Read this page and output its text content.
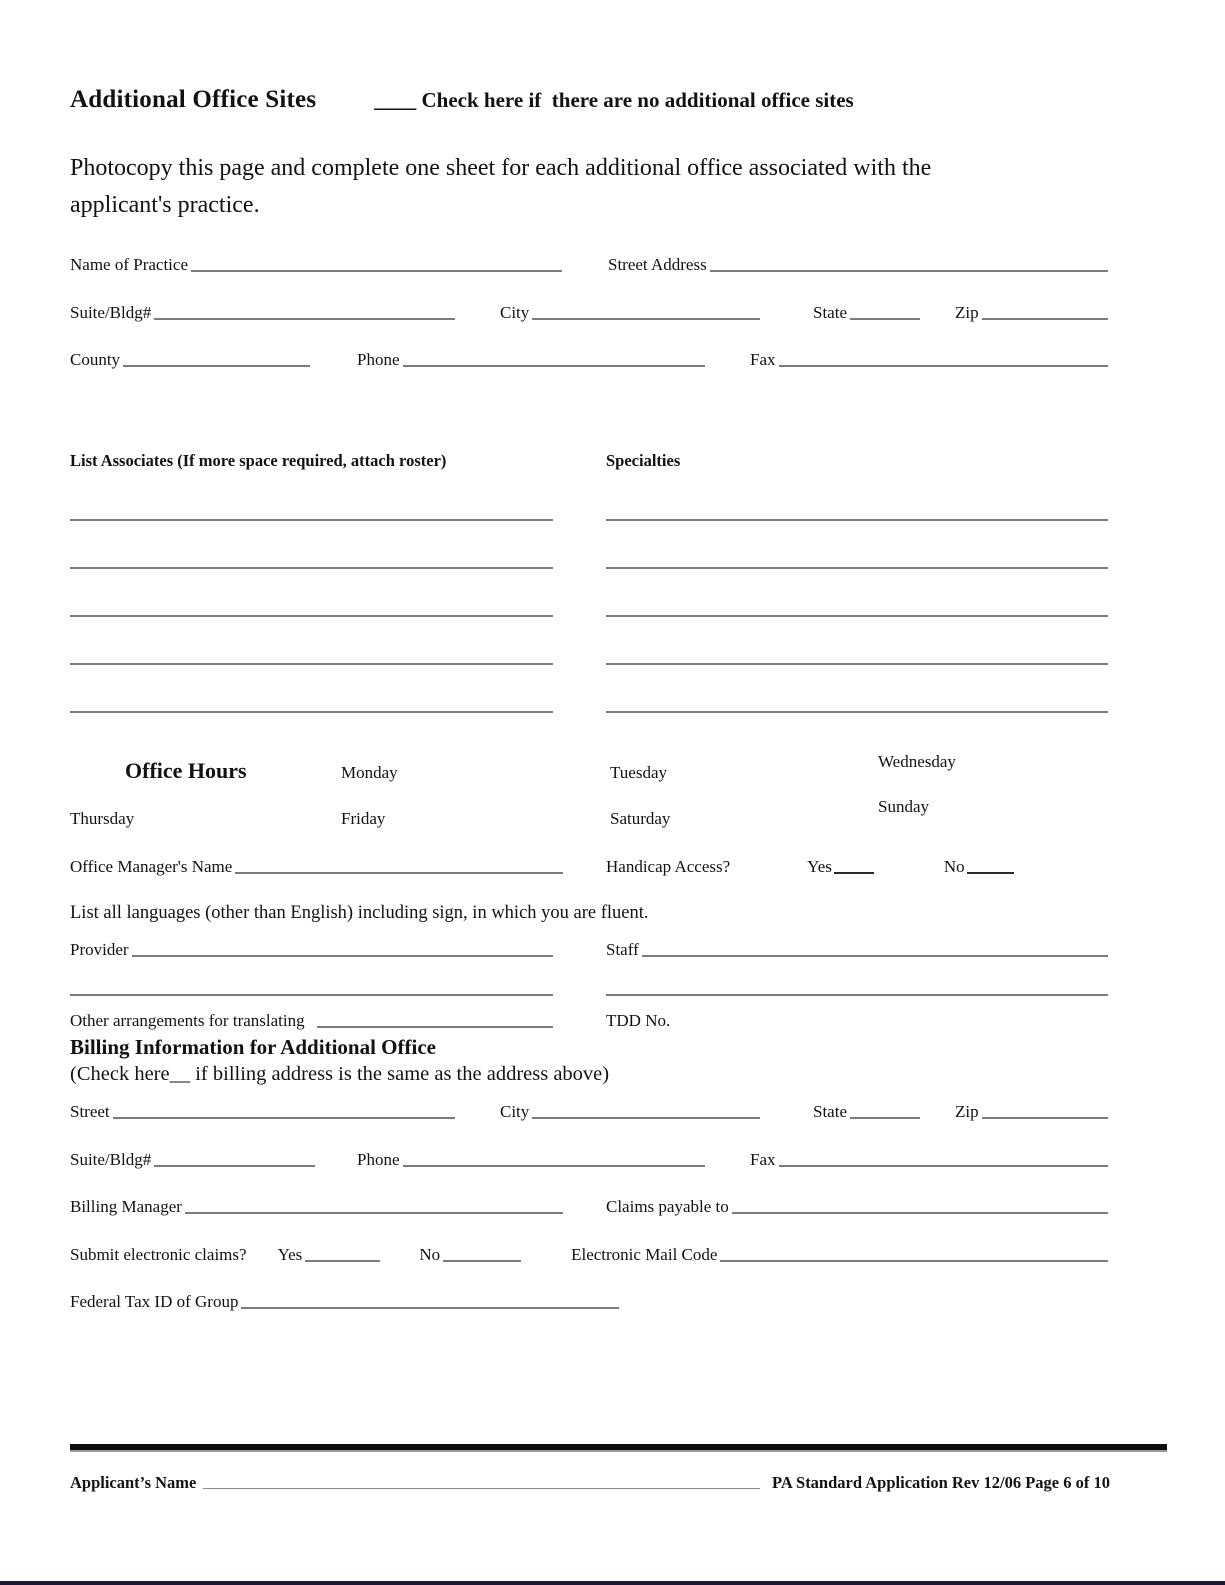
Additional Office Sites	____ Check here if  there are no additional office sites
Photocopy this page and complete one sheet for each additional office associated with the applicant's practice.
Name of Practice	Street Address
Suite/Bldg#	City	State	Zip
County	Phone	Fax
List Associates (If more space required, attach roster)	Specialties
Office Hours	Monday	Tuesday
Wednesday
Thursday	Friday	Saturday
Sunday
Office Manager's Name	Handicap Access?	Yes	No
List all languages (other than English) including sign, in which you are fluent.
Provider	Staff
Other arrangements for translating	TDD No.
Billing Information for Additional Office
(Check here __ if billing address is the same as the address above)
Street	City	State	Zip
Suite/Bldg#	Phone	Fax
Billing Manager	Claims payable to
Submit electronic claims? Yes	No	Electronic Mail Code
Federal Tax ID of Group
Applicant’s Name	PA Standard Application Rev 12/06 Page 6 of 10
